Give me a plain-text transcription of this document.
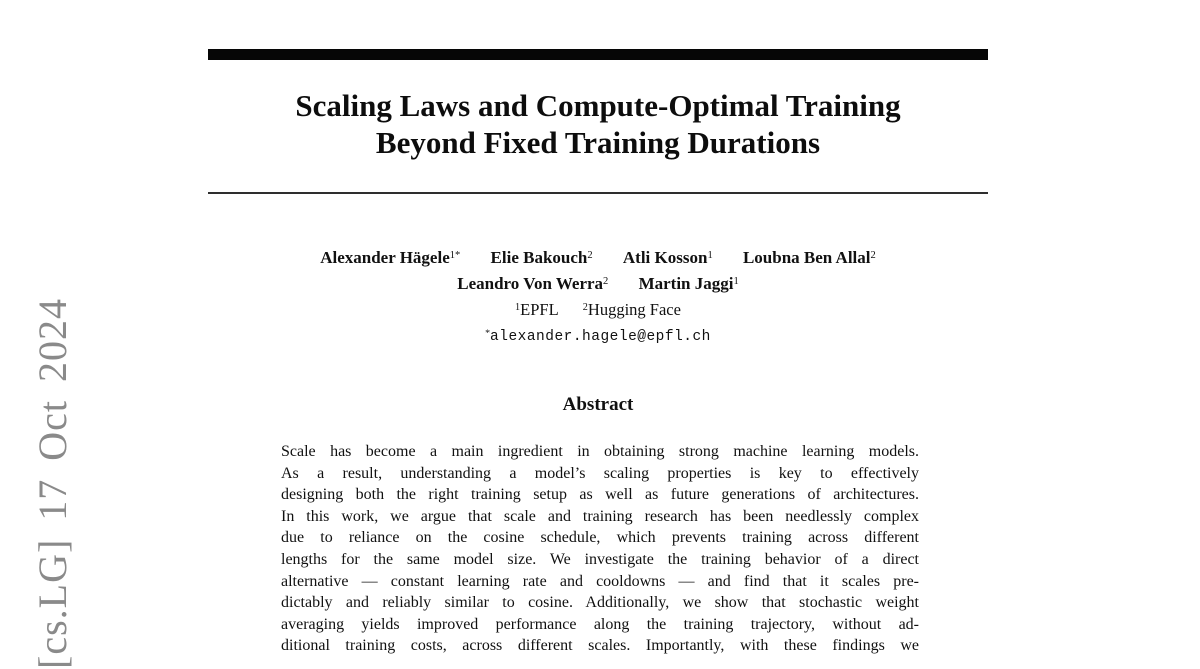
[cs.LG] 17 Oct 2024
Scaling Laws and Compute-Optimal Training
Beyond Fixed Training Durations
Alexander Hägele$^{1*}$ Elie Bakouch$^2$ Atli Kosson$^1$ Loubna Ben Allal$^2$
Leandro Von Werra$^2$ Martin Jaggi$^1$
$^1$EPFL $^2$Hugging Face
*alexander.hagele@epfl.ch
Abstract
Scale has become a main ingredient in obtaining strong machine learning models.
As a result, understanding a model’s scaling properties is key to effectively
designing both the right training setup as well as future generations of architectures.
In this work, we argue that scale and training research has been needlessly complex
due to reliance on the cosine schedule, which prevents training across different
lengths for the same model size. We investigate the training behavior of a direct
alternative — constant learning rate and cooldowns — and find that it scales pre-
dictably and reliably similar to cosine. Additionally, we show that stochastic weight
averaging yields improved performance along the training trajectory, without ad-
ditional training costs, across different scales. Importantly, with these findings we
